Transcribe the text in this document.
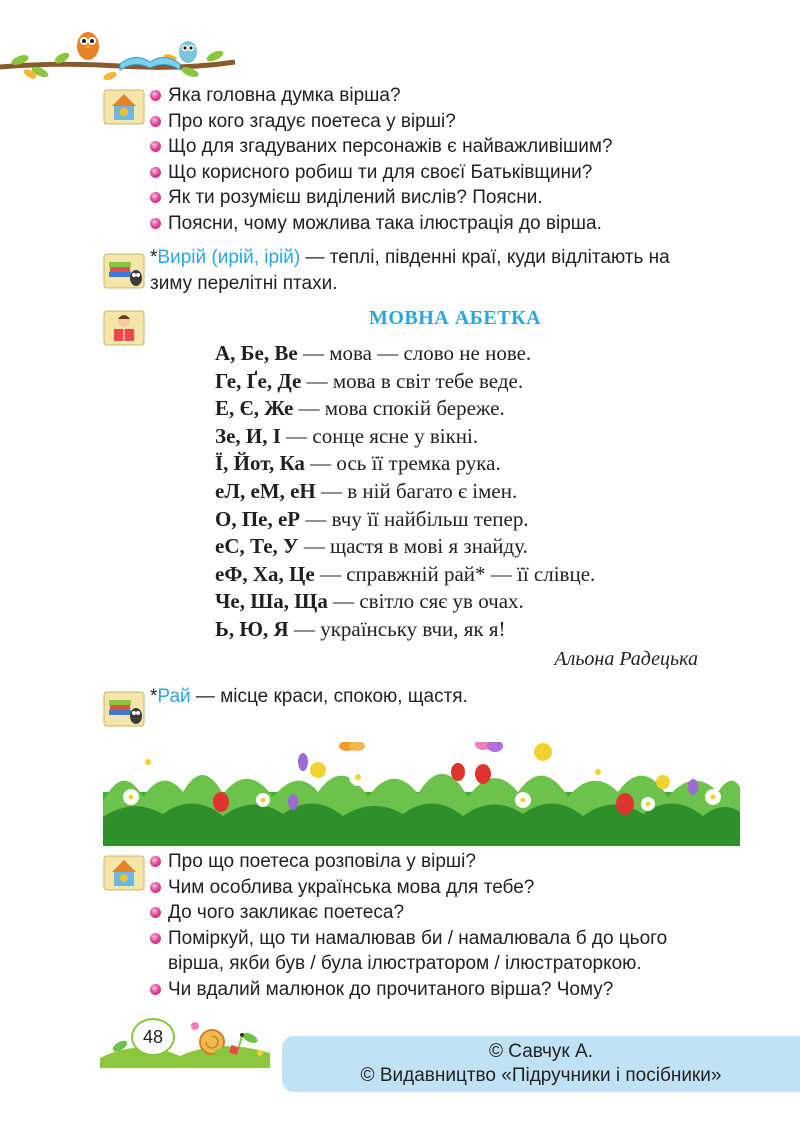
Яка головна думка вірша?
Про кого згадує поетеса у вірші?
Що для згадуваних персонажів є найважливішим?
Що корисного робиш ти для своєї Батьківщини?
Як ти розумієш виділений вислів? Поясни.
Поясни, чому можлива така ілюстрація до вірша.
*Вирій (ирій, ірій) — теплі, південні краї, куди відлітають на
зиму перелітні птахи.
МОВНА АБЕТКА
А, Бе, Ве — мова — слово не нове.
Ге, Ґе, Де — мова в світ тебе веде.
Е, Є, Же — мова спокій береже.
Зе, И, І — сонце ясне у вікні.
Ї, Йот, Ка — ось її тремка рука.
еЛ, еМ, еН — в ній багато є імен.
О, Пе, еР — вчу її найбільш тепер.
еС, Те, У — щастя в мові я знайду.
еФ, Ха, Це — справжній рай* — її слівце.
Че, Ша, Ща — світло сяє ув очах.
Ь, Ю, Я — українську вчи, як я!
Альона Радецька
*Рай — місце краси, спокою, щастя.
Про що поетеса розповіла у вірші?
Чим особлива українська мова для тебе?
До чого закликає поетеса?
Поміркуй, що ти намалював би / намалювала б до цього
вірша, якби був / була ілюстратором / ілюстраторкою.
Чи вдалий малюнок до прочитаного вірша? Чому?
48
© Савчук А.
© Видавництво «Підручники і посібники»
